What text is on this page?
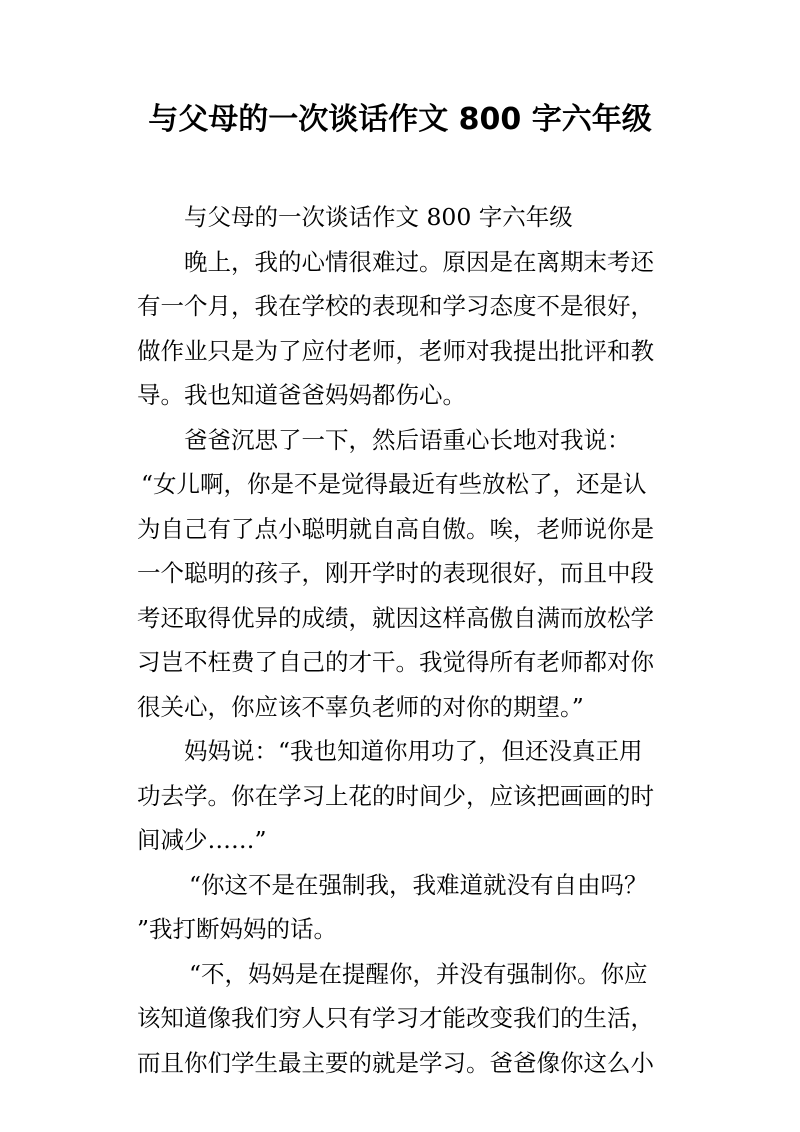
与父母的一次谈话作文 800 字六年级
与父母的一次谈话作文 800 字六年级
晚上，我的心情很难过。原因是在离期末考还
有一个月，我在学校的表现和学习态度不是很好，
做作业只是为了应付老师，老师对我提出批评和教
导。我也知道爸爸妈妈都伤心。
爸爸沉思了一下，然后语重心长地对我说：
“女儿啊，你是不是觉得最近有些放松了，还是认
为自己有了点小聪明就自高自傲。唉，老师说你是
一个聪明的孩子，刚开学时的表现很好，而且中段
考还取得优异的成绩，就因这样高傲自满而放松学
习岂不枉费了自己的才干。我觉得所有老师都对你
很关心，你应该不辜负老师的对你的期望。”
妈妈说：“我也知道你用功了，但还没真正用
功去学。你在学习上花的时间少，应该把画画的时
间减少……”
“你这不是在强制我，我难道就没有自由吗？
”我打断妈妈的话。
“不，妈妈是在提醒你，并没有强制你。你应
该知道像我们穷人只有学习才能改变我们的生活，
而且你们学生最主要的就是学习。爸爸像你这么小
